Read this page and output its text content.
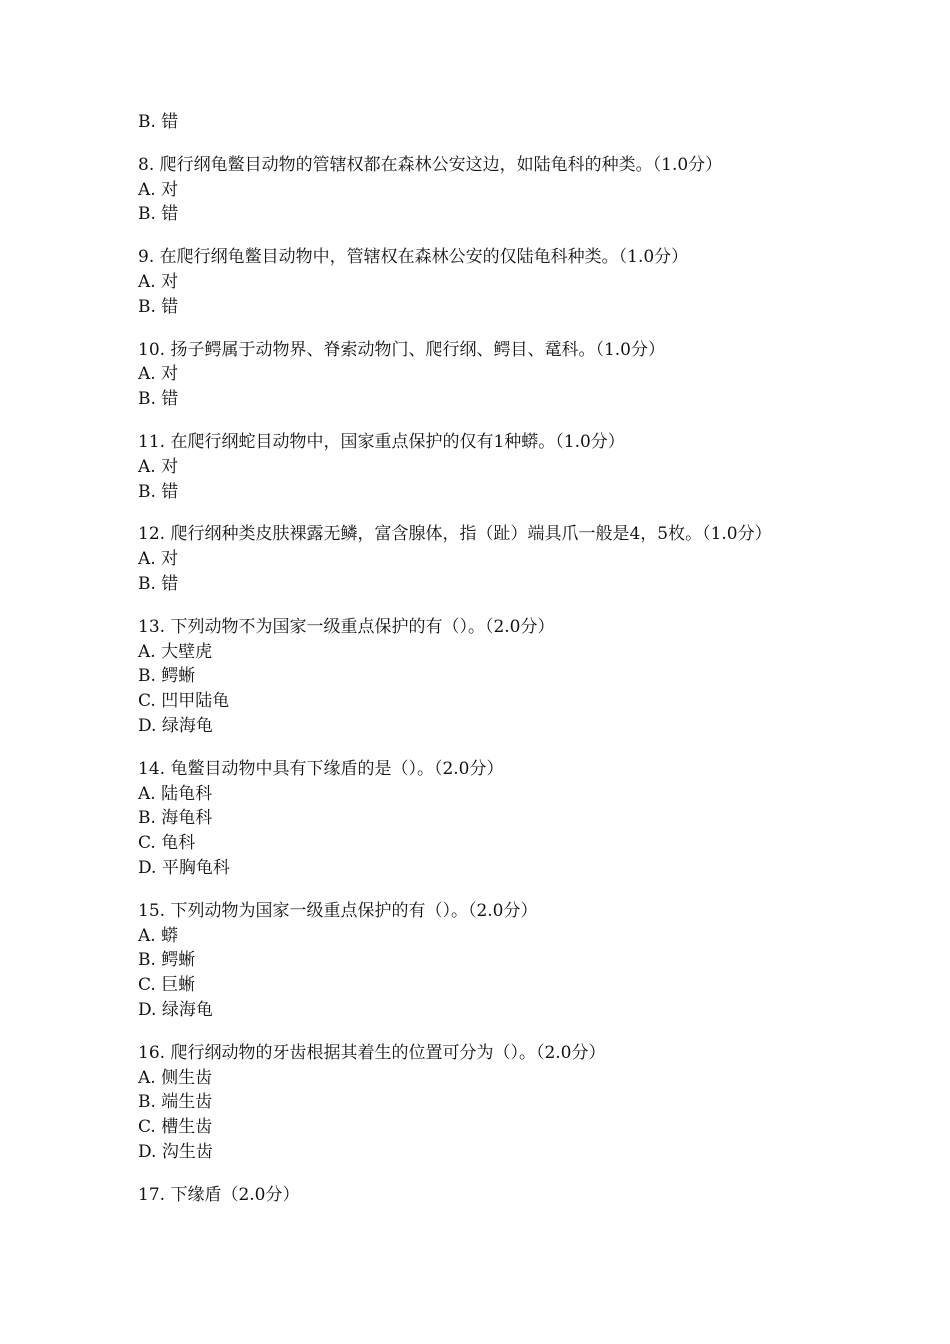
B. 错

8. 爬行纲龟鳖目动物的管辖权都在森林公安这边，如陆龟科的种类。（1.0分）

A. 对

B. 错

9. 在爬行纲龟鳖目动物中，管辖权在森林公安的仅陆龟科种类。（1.0分）

A. 对

B. 错

10. 扬子鳄属于动物界、脊索动物门、爬行纲、鳄目、鼋科。（1.0分）

A. 对

B. 错

11. 在爬行纲蛇目动物中，国家重点保护的仅有1种蟒。（1.0分）

A. 对

B. 错

12. 爬行纲种类皮肤裸露无鳞，富含腺体，指（趾）端具爪一般是4，5枚。（1.0分）

A. 对

B. 错

13. 下列动物不为国家一级重点保护的有（）。（2.0分）

A. 大壁虎

B. 鳄蜥

C. 凹甲陆龟

D. 绿海龟

14. 龟鳖目动物中具有下缘盾的是（）。（2.0分）

A. 陆龟科

B. 海龟科

C. 龟科

D. 平胸龟科

15. 下列动物为国家一级重点保护的有（）。（2.0分）

A. 蟒

B. 鳄蜥

C. 巨蜥

D. 绿海龟

16. 爬行纲动物的牙齿根据其着生的位置可分为（）。（2.0分）

A. 侧生齿

B. 端生齿

C. 槽生齿

D. 沟生齿

17. 下缘盾（2.0分）
